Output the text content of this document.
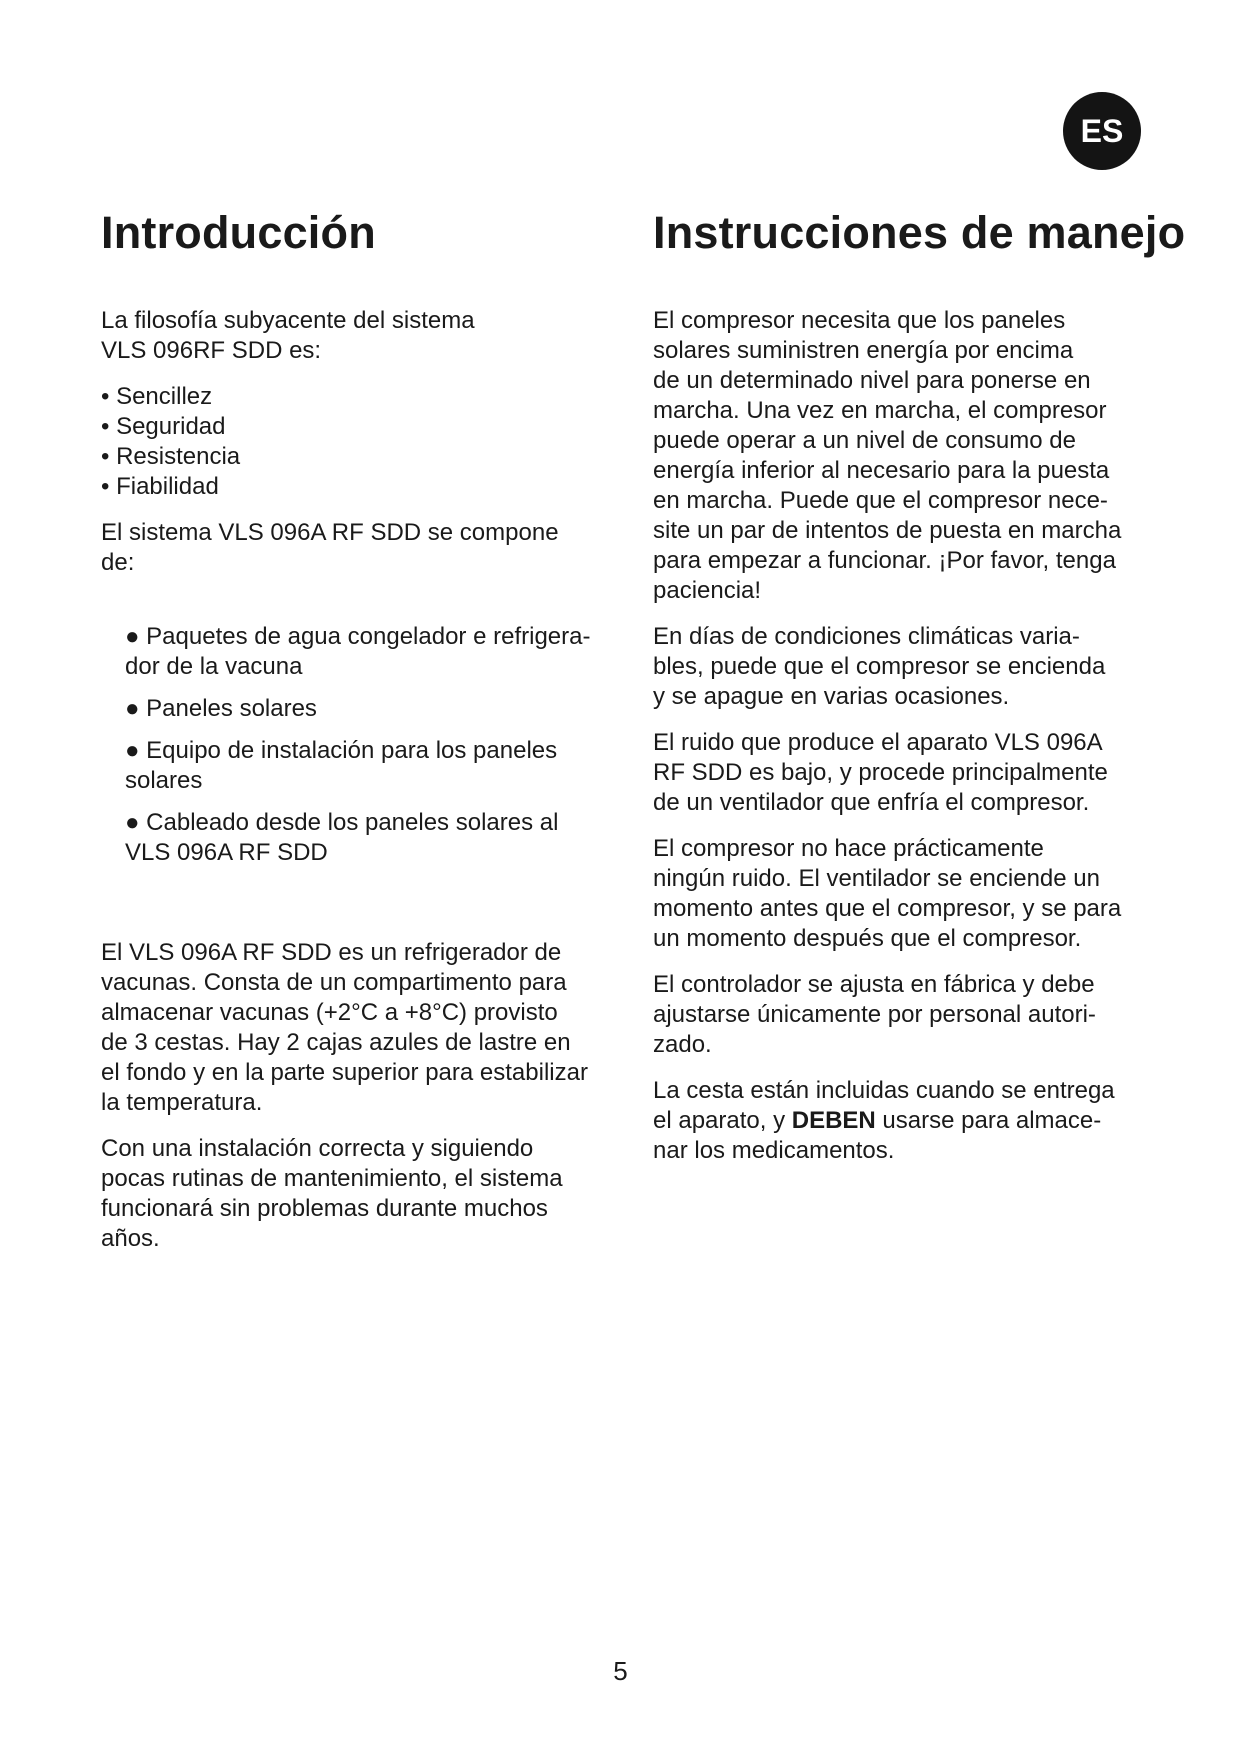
ES
Introducción

La filosofía subyacente del sistema
VLS 096RF SDD es:

• Sencillez
• Seguridad
• Resistencia
• Fiabilidad

El sistema VLS 096A RF SDD se compone
de:

● Paquetes de agua congelador e refrigera-
dor de la vacuna
● Paneles solares
● Equipo de instalación para los paneles
solares
● Cableado desde los paneles solares al
VLS 096A RF SDD

El VLS 096A RF SDD es un refrigerador de
vacunas. Consta de un compartimento para
almacenar vacunas (+2°C a +8°C) provisto
de 3 cestas. Hay 2 cajas azules de lastre en
el fondo y en la parte superior para estabilizar
la temperatura.

Con una instalación correcta y siguiendo
pocas rutinas de mantenimiento, el sistema
funcionará sin problemas durante muchos
años.

Instrucciones de manejo

El compresor necesita que los paneles
solares suministren energía por encima
de un determinado nivel para ponerse en
marcha. Una vez en marcha, el compresor
puede operar a un nivel de consumo de
energía inferior al necesario para la puesta
en marcha. Puede que el compresor nece-
site un par de intentos de puesta en marcha
para empezar a funcionar. ¡Por favor, tenga
paciencia!

En días de condiciones climáticas varia-
bles, puede que el compresor se encienda
y se apague en varias ocasiones.

El ruido que produce el aparato VLS 096A
RF SDD es bajo, y procede principalmente
de un ventilador que enfría el compresor.

El compresor no hace prácticamente
ningún ruido. El ventilador se enciende un
momento antes que el compresor, y se para
un momento después que el compresor.

El controlador se ajusta en fábrica y debe
ajustarse únicamente por personal autori-
zado.

La cesta están incluidas cuando se entrega
el aparato, y DEBEN usarse para almace-
nar los medicamentos.

5
